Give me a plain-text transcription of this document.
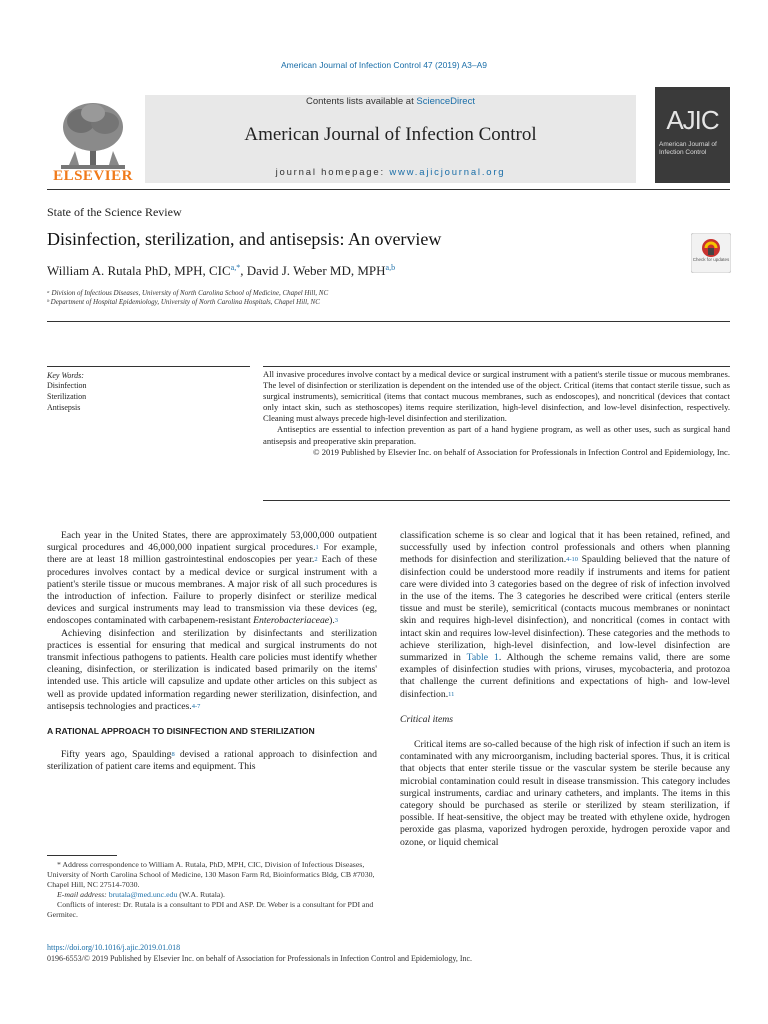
American Journal of Infection Control 47 (2019) A3–A9
ELSEVIER
Contents lists available at ScienceDirect
American Journal of Infection Control
journal homepage: www.ajicjournal.org
AJIC
American Journal of Infection Control
State of the Science Review
Disinfection, sterilization, and antisepsis: An overview
Check for updates
William A. Rutala PhD, MPH, $CIC^{a,*}$, David J. Weber MD, MPH$^{a,b}$
ᵃ Division of Infectious Diseases, University of North Carolina School of Medicine, Chapel Hill, NC
ᵇ Department of Hospital Epidemiology, University of North Carolina Hospitals, Chapel Hill, NC
Key Words:
Disinfection
Sterilization
Antisepsis

All invasive procedures involve contact by a medical device or surgical instrument with a patient's sterile tissue or mucous membranes. The level of disinfection or sterilization is dependent on the intended use of the object. Critical (items that contact sterile tissue, such as surgical instruments), semicritical (items that contact mucous membranes, such as endoscopes), and noncritical (devices that contact only intact skin, such as stethoscopes) items require sterilization, high-level disinfection, and low-level disinfection, respectively. Cleaning must always precede high-level disinfection and sterilization.

Antiseptics are essential to infection prevention as part of a hand hygiene program, as well as other uses, such as surgical hand antisepsis and preoperative skin preparation.

© 2019 Published by Elsevier Inc. on behalf of Association for Professionals in Infection Control and Epidemiology, Inc.

Each year in the United States, there are approximately 53,000,000 outpatient surgical procedures and 46,000,000 inpatient surgical procedures.$^1$ For example, there are at least 18 million gastrointestinal endoscopies per year.$^2$ Each of these procedures involves contact by a medical device or surgical instrument with a patient's sterile tissue or mucous membranes. A major risk of all such procedures is the introduction of infection. Failure to properly disinfect or sterilize medical devices and surgical instruments may lead to transmission via these devices (eg, endoscopes contaminated with carbapenem-resistant Enterobacteriaceae).$^3$

Achieving disinfection and sterilization by disinfectants and sterilization practices is essential for ensuring that medical and surgical instruments do not transmit infectious pathogens to patients. Health care policies must identify whether cleaning, disinfection, or sterilization is indicated based primarily on the items' intended use. This article will capsulize and update other articles on this subject as well as provide updated information regarding newer sterilization, disinfection, and antisepsis technologies and practices.$^{4-7}$

A RATIONAL APPROACH TO DISINFECTION AND STERILIZATION

Fifty years ago, Spaulding$^8$ devised a rational approach to disinfection and sterilization of patient care items and equipment. This

classification scheme is so clear and logical that it has been retained, refined, and successfully used by infection control professionals and others when planning methods for disinfection and sterilization.$^{4-10}$ Spaulding believed that the nature of disinfection could be understood more readily if instruments and items for patient care were divided into 3 categories based on the degree of risk of infection involved in the use of the items. The 3 categories he described were critical (enters sterile tissue and must be sterile), semicritical (contacts mucous membranes or nonintact skin and requires high-level disinfection), and noncritical (comes in contact with intact skin and requires low-level disinfection). These categories and the methods to achieve sterilization, high-level disinfection, and low-level disinfection are summarized in Table 1. Although the scheme remains valid, there are some examples of disinfection studies with prions, viruses, mycobacteria, and protozoa that challenge the current definitions and expectations of high- and low-level disinfection.$^{11}$

Critical items

Critical items are so-called because of the high risk of infection if such an item is contaminated with any microorganism, including bacterial spores. Thus, it is critical that objects that enter sterile tissue or the vascular system be sterile because any microbial contamination could result in disease transmission. This category includes surgical instruments, cardiac and urinary catheters, and implants. The items in this category should be purchased as sterile or sterilized by steam sterilization, if possible. If heat-sensitive, the object may be treated with ethylene oxide, hydrogen peroxide gas plasma, vaporized hydrogen peroxide, hydrogen peroxide vapor and ozone, or liquid chemical

* Address correspondence to William A. Rutala, PhD, MPH, CIC, Division of Infectious Diseases, University of North Carolina School of Medicine, 130 Mason Farm Rd, Bioinformatics Bldg, CB #7030, Chapel Hill, NC 27514-7030.

E-mail address: brutala@med.unc.edu (W.A. Rutala).

Conflicts of interest: Dr. Rutala is a consultant to PDI and ASP. Dr. Weber is a consultant for PDI and Germitec.

https://doi.org/10.1016/j.ajic.2019.01.018
0196-6553/© 2019 Published by Elsevier Inc. on behalf of Association for Professionals in Infection Control and Epidemiology, Inc.
